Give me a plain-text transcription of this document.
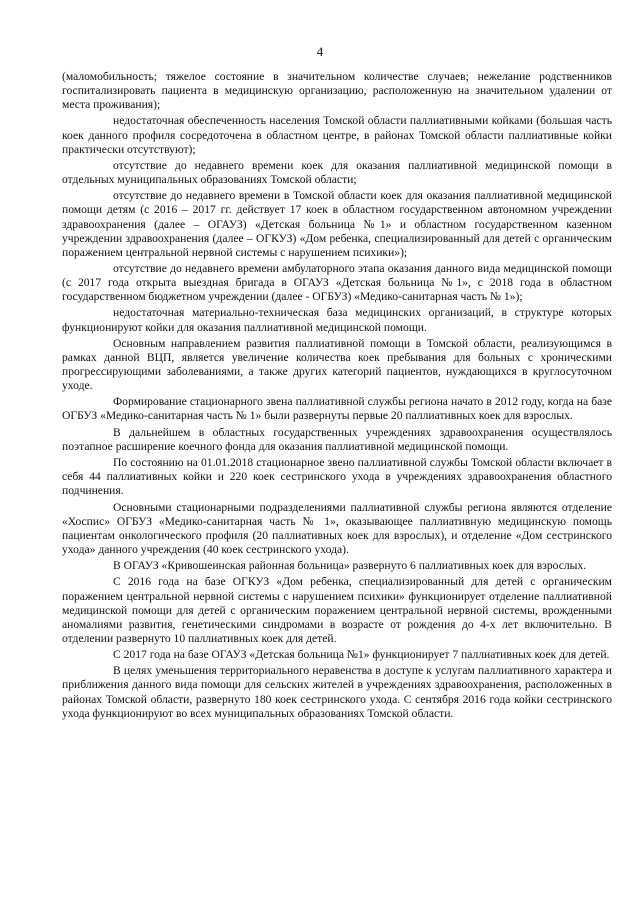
4

(маломобильность; тяжелое состояние в значительном количестве случаев; нежелание родственников госпитализировать пациента в медицинскую организацию, расположенную на значительном удалении от места проживания);

недостаточная обеспеченность населения Томской области паллиативными койками (большая часть коек данного профиля сосредоточена в областном центре, в районах Томской области паллиативные койки практически отсутствуют);

отсутствие до недавнего времени коек для оказания паллиативной медицинской помощи в отдельных муниципальных образованиях Томской области;

отсутствие до недавнего времени в Томской области коек для оказания паллиативной медицинской помощи детям (с 2016 – 2017 гг. действует 17 коек в областном государственном автономном учреждении здравоохранения (далее – ОГАУЗ) «Детская больница №1» и областном государственном казенном учреждении здравоохранения (далее – ОГКУЗ) «Дом ребенка, специализированный для детей с органическим поражением центральной нервной системы с нарушением психики»);

отсутствие до недавнего времени амбулаторного этапа оказания данного вида медицинской помощи (с 2017 года открыта выездная бригада в ОГАУЗ «Детская больница №1», с 2018 года в областном государственном бюджетном учреждении (далее - ОГБУЗ) «Медико-санитарная часть № 1»);

недостаточная материально-техническая база медицинских организаций, в структуре которых функционируют койки для оказания паллиативной медицинской помощи.

Основным направлением развития паллиативной помощи в Томской области, реализующимся в рамках данной ВЦП, является увеличение количества коек пребывания для больных с хроническими прогрессирующими заболеваниями, а также других категорий пациентов, нуждающихся в круглосуточном уходе.

Формирование стационарного звена паллиативной службы региона начато в 2012 году, когда на базе ОГБУЗ «Медико-санитарная часть № 1» были развернуты первые 20 паллиативных коек для взрослых.

В дальнейшем в областных государственных учреждениях здравоохранения осуществлялось поэтапное расширение коечного фонда для оказания паллиативной медицинской помощи.

По состоянию на 01.01.2018 стационарное звено паллиативной службы Томской области включает в себя 44 паллиативных койки и 220 коек сестринского ухода в учреждениях здравоохранения областного подчинения.

Основными стационарными подразделениями паллиативной службы региона являются отделение «Хоспис» ОГБУЗ «Медико-санитарная часть № 1», оказывающее паллиативную медицинскую помощь пациентам онкологического профиля (20 паллиативных коек для взрослых), и отделение «Дом сестринского ухода» данного учреждения (40 коек сестринского ухода).

В ОГАУЗ «Кривошеинская районная больница» развернуто 6 паллиативных коек для взрослых.

С 2016 года на базе ОГКУЗ «Дом ребенка, специализированный для детей с органическим поражением центральной нервной системы с нарушением психики» функционирует отделение паллиативной медицинской помощи для детей с органическим поражением центральной нервной системы, врожденными аномалиями развития, генетическими синдромами в возрасте от рождения до 4-х лет включительно. В отделении развернуто 10 паллиативных коек для детей.

С 2017 года на базе ОГАУЗ «Детская больница №1» функционирует 7 паллиативных коек для детей.

В целях уменьшения территориального неравенства в доступе к услугам паллиативного характера и приближения данного вида помощи для сельских жителей в учреждениях здравоохранения, расположенных в районах Томской области, развернуто 180 коек сестринского ухода. С сентября 2016 года койки сестринского ухода функционируют во всех муниципальных образованиях Томской области.
